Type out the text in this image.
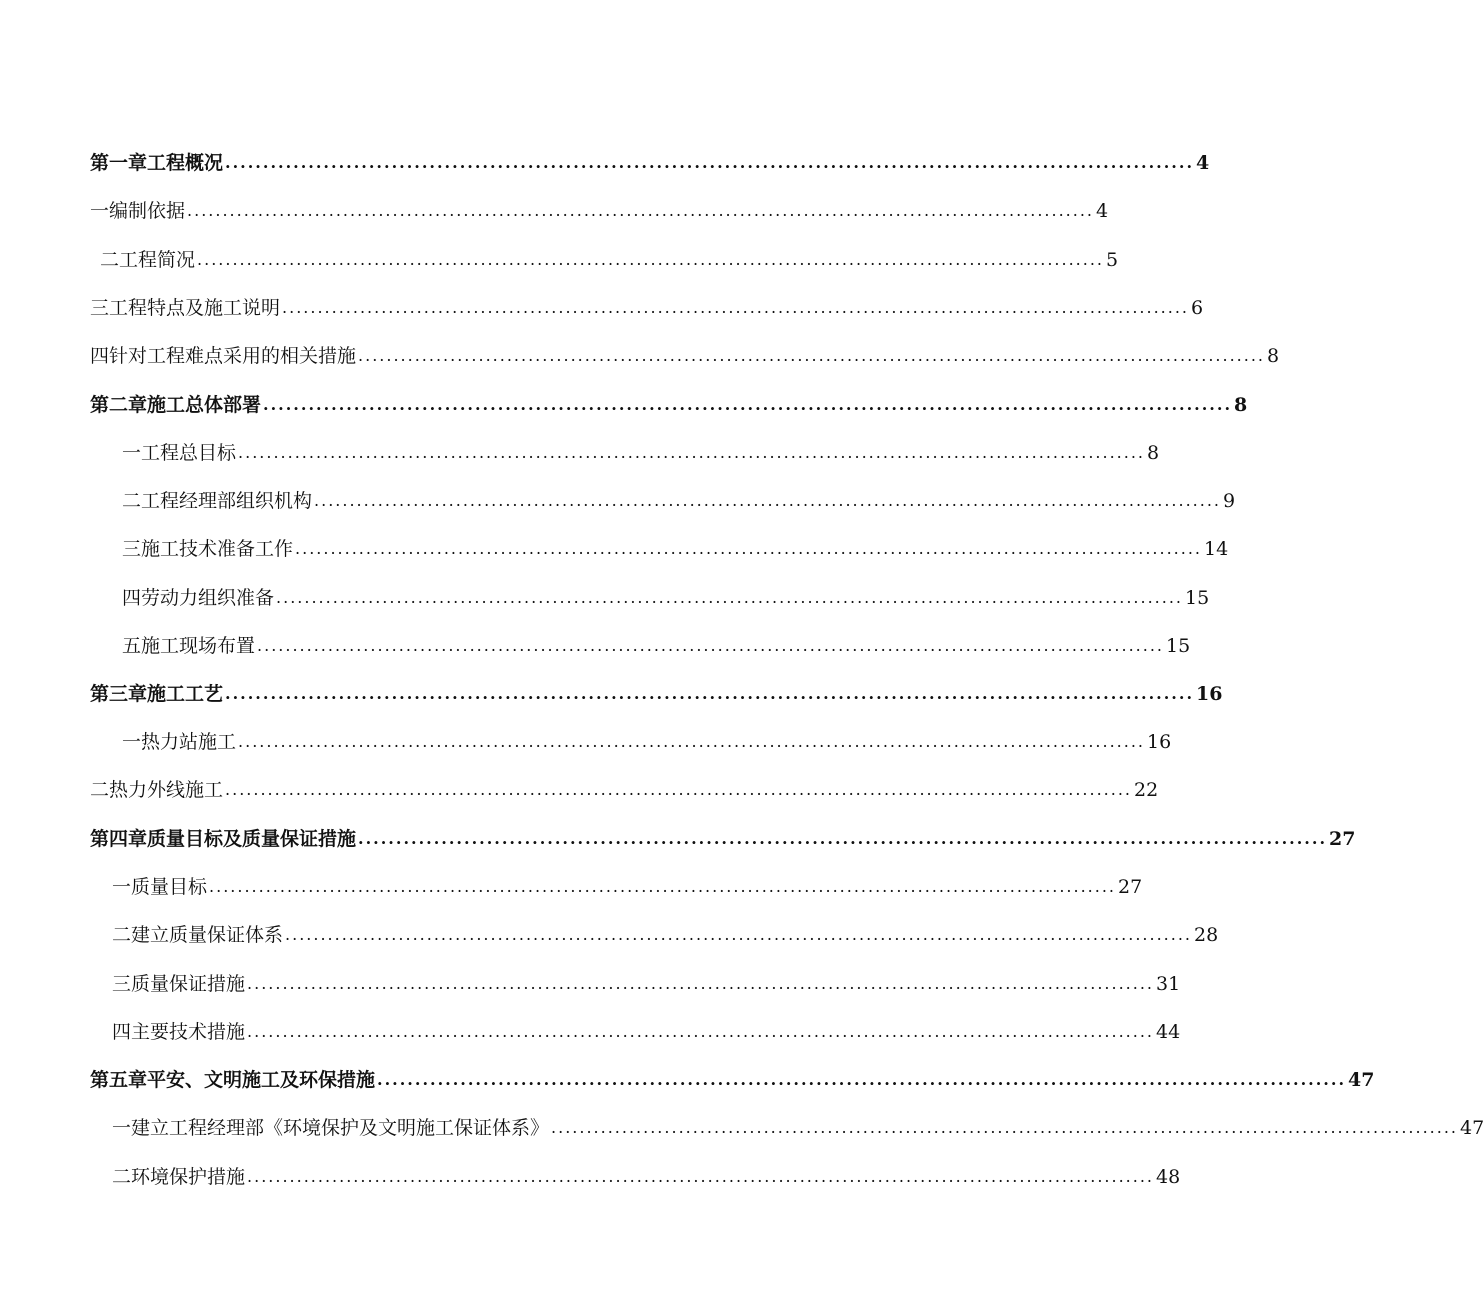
第一章工程概况 ................................................................................................................................ 4
一编制依据 ................................................................................................................................ 4
二工程简况 ................................................................................................................................ 5
三工程特点及施工说明 ................................................................................................................................ 6
四针对工程难点采用的相关措施 ................................................................................................................................ 8
第二章施工总体部署 ................................................................................................................................ 8
一工程总目标 ................................................................................................................................ 8
二工程经理部组织机构 ................................................................................................................................ 9
三施工技术准备工作 ................................................................................................................................ 14
四劳动力组织准备 ................................................................................................................................ 15
五施工现场布置 ................................................................................................................................ 15
第三章施工工艺 ................................................................................................................................ 16
一热力站施工 ................................................................................................................................ 16
二热力外线施工 ................................................................................................................................ 22
第四章质量目标及质量保证措施 ................................................................................................................................ 27
一质量目标 ................................................................................................................................ 27
二建立质量保证体系 ................................................................................................................................ 28
三质量保证措施 ................................................................................................................................ 31
四主要技术措施 ................................................................................................................................ 44
第五章平安、文明施工及环保措施 ................................................................................................................................ 47
一建立工程经理部《环境保护及文明施工保证体系》 ................................................................................................................................ 47
二环境保护措施 ................................................................................................................................ 48
